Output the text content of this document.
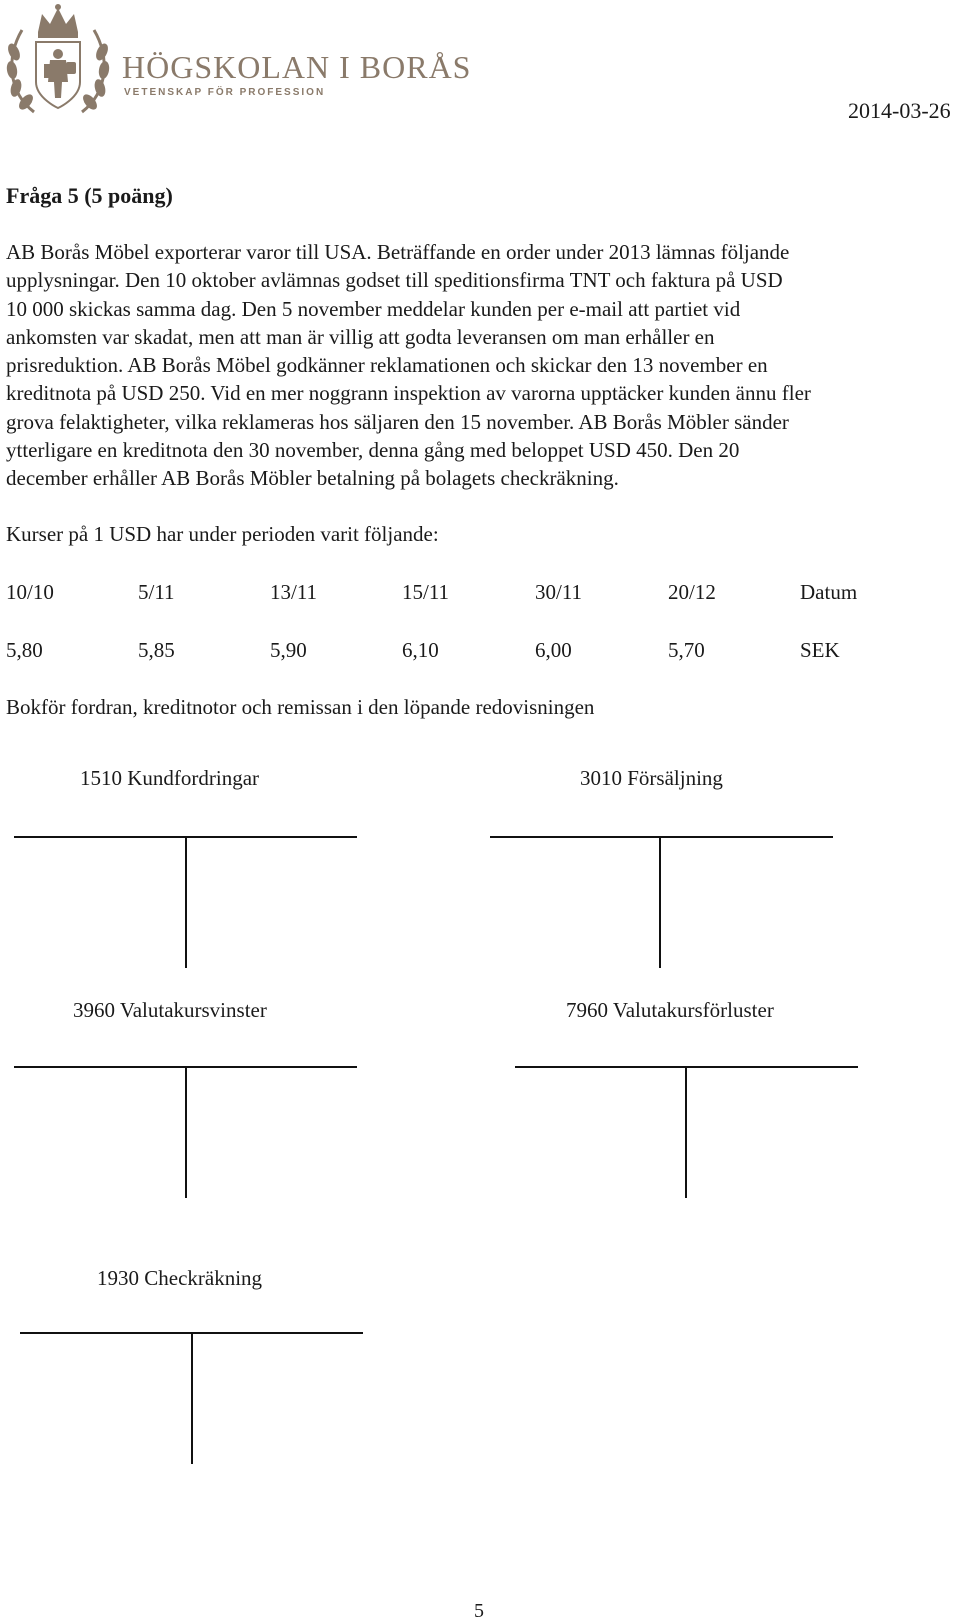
HÖGSKOLAN I BORÅS
VETENSKAP FÖR PROFESSION
2014-03-26
Fråga 5 (5 poäng)
AB Borås Möbel exporterar varor till USA. Beträffande en order under 2013 lämnas följande
upplysningar. Den 10 oktober avlämnas godset till speditionsfirma TNT och faktura på USD
10 000 skickas samma dag. Den 5 november meddelar kunden per e-mail att partiet vid
ankomsten var skadat, men att man är villig att godta leveransen om man erhåller en
prisreduktion. AB Borås Möbel godkänner reklamationen och skickar den 13 november en
kreditnota på USD 250. Vid en mer noggrann inspektion av varorna upptäcker kunden ännu fler
grova felaktigheter, vilka reklameras hos säljaren den 15 november. AB Borås Möbler sänder
ytterligare en kreditnota den 30 november, denna gång med beloppet USD 450. Den 20
december erhåller AB Borås Möbler betalning på bolagets checkräkning.
Kurser på 1 USD har under perioden varit följande:
10/10	5/11	13/11	15/11	30/11	20/12	Datum
5,80	5,85	5,90	6,10	6,00	5,70	SEK
Bokför fordran, kreditnotor och remissan i den löpande redovisningen
1510 Kundfordringar	3010 Försäljning
3960 Valutakursvinster	7960 Valutakursförluster
1930 Checkräkning
5
